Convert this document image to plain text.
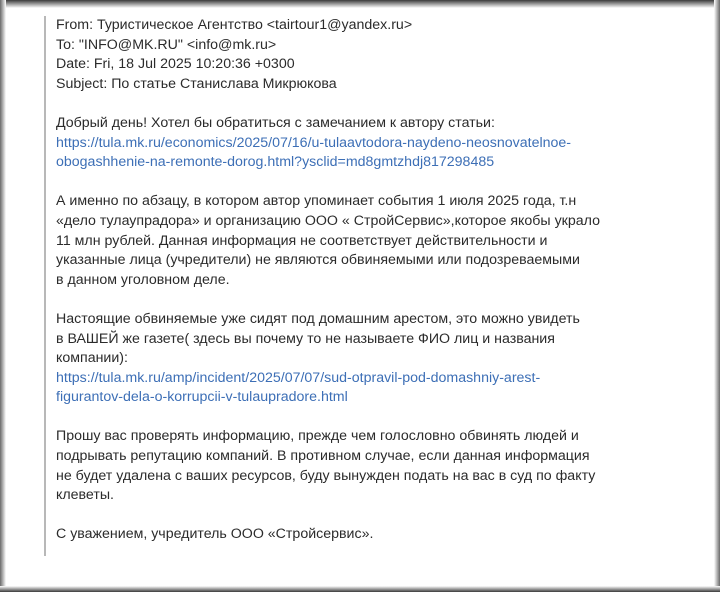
From: Туристическое Агентство <tairtour1@yandex.ru>
To: "INFO@MK.RU" <info@mk.ru>
Date: Fri, 18 Jul 2025 10:20:36 +0300
Subject: По статье Станислава Микрюкова
Добрый день! Хотел бы обратиться с замечанием к автору статьи:
https://tula.mk.ru/economics/2025/07/16/u-tulaavtodora-naydeno-neosnovatelnoe-
obogashhenie-na-remonte-dorog.html?ysclid=md8gmtzhdj817298485
А именно по абзацу, в котором автор упоминает события 1 июля 2025 года, т.н
«дело тулаупрадора» и организацию ООО « СтройСервис»,которое якобы украло
11 млн рублей. Данная информация не соответствует действительности и
указанные лица (учредители) не являются обвиняемыми или подозреваемыми
в данном уголовном деле.
Настоящие обвиняемые уже сидят под домашним арестом, это можно увидеть
в ВАШЕЙ же газете( здесь вы почему то не называете ФИО лиц и названия
компании):
https://tula.mk.ru/amp/incident/2025/07/07/sud-otpravil-pod-domashniy-arest-
figurantov-dela-o-korrupcii-v-tulaupradore.html
Прошу вас проверять информацию, прежде чем голословно обвинять людей и
подрывать репутацию компаний. В противном случае, если данная информация
не будет удалена с ваших ресурсов, буду вынужден подать на вас в суд по факту
клеветы.
С уважением, учредитель ООО «Стройсервис».
